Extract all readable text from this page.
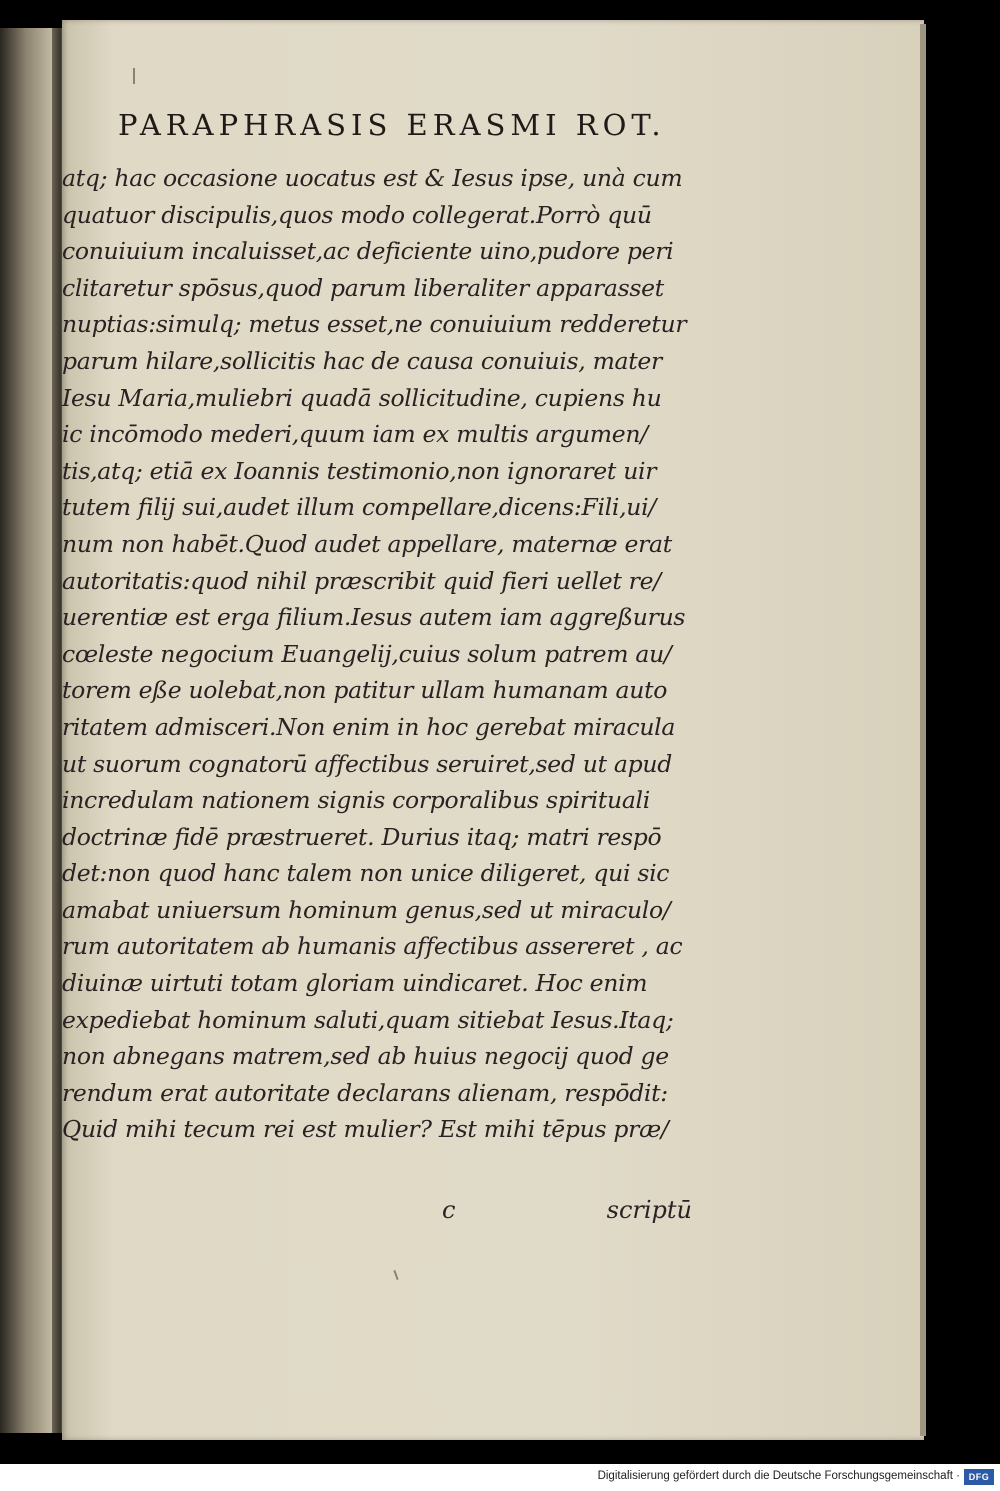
PARAPHRASIS ERASMI ROT.
atq; hac occasione uocatus est & Iesus ipse, unà cum
quatuor discipulis,quos modo collegerat.Porrò quū
conuiuium incaluisset,ac deficiente uino,pudore peri
clitaretur spōsus,quod parum liberaliter apparasset
nuptias:simulq; metus esset,ne conuiuium redderetur
parum hilare,sollicitis hac de causa conuiuis, mater
Iesu Maria,muliebri quadā sollicitudine, cupiens hu
ic incōmodo mederi,quum iam ex multis argumen/
tis,atq; etiā ex Ioannis testimonio,non ignoraret uir
tutem filij sui,audet illum compellare,dicens:Fili,ui/
num non habēt.Quod audet appellare, maternæ erat
autoritatis:quod nihil præscribit quid fieri uellet re/
uerentiæ est erga filium.Iesus autem iam aggreßurus
cœleste negocium Euangelij,cuius solum patrem au/
torem eße uolebat,non patitur ullam humanam auto
ritatem admisceri.Non enim in hoc gerebat miracula
ut suorum cognatorū affectibus seruiret,sed ut apud
incredulam nationem signis corporalibus spirituali
doctrinæ fidē præstrueret. Durius itaq; matri respō
det:non quod hanc talem non unice diligeret, qui sic
amabat uniuersum hominum genus,sed ut miraculo/
rum autoritatem ab humanis affectibus assereret , ac
diuinæ uirtuti totam gloriam uindicaret. Hoc enim
expediebat hominum saluti,quam sitiebat Iesus.Itaq;
non abnegans matrem,sed ab huius negocij quod ge
rendum erat autoritate declarans alienam, respōdit:
Quid mihi tecum rei est mulier? Est mihi tēpus præ/
c	scriptū
Digitalisierung gefördert durch die Deutsche Forschungsgemeinschaft · DFG
